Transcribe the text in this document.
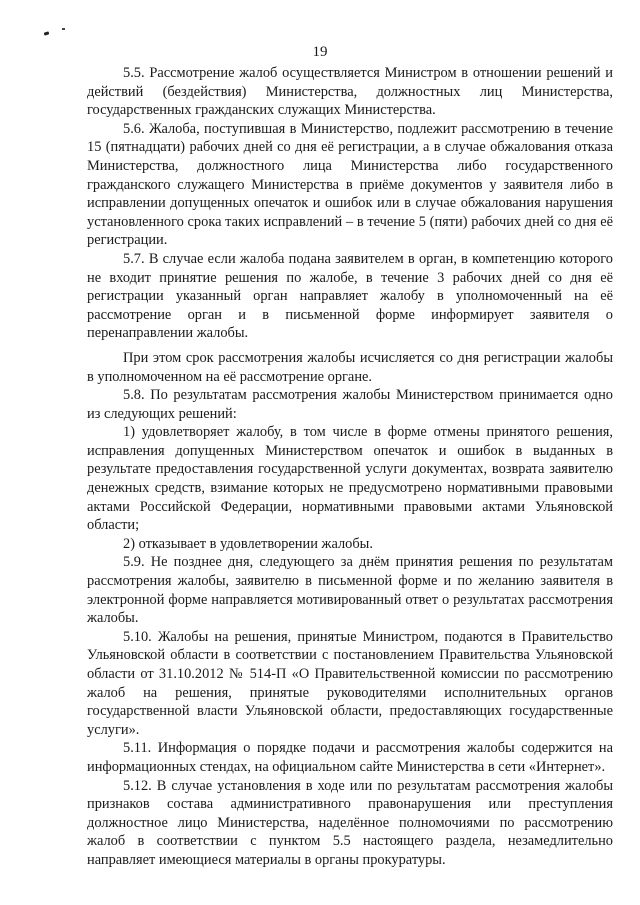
19

5.5. Рассмотрение жалоб осуществляется Министром в отношении решений и действий (бездействия) Министерства, должностных лиц Министерства, государственных гражданских служащих Министерства.

5.6. Жалоба, поступившая в Министерство, подлежит рассмотрению в течение 15 (пятнадцати) рабочих дней со дня её регистрации, а в случае обжалования отказа Министерства, должностного лица Министерства либо государственного гражданского служащего Министерства в приёме документов у заявителя либо в исправлении допущенных опечаток и ошибок или в случае обжалования нарушения установленного срока таких исправлений – в течение 5 (пяти) рабочих дней со дня её регистрации.

5.7. В случае если жалоба подана заявителем в орган, в компетенцию которого не входит принятие решения по жалобе, в течение 3 рабочих дней со дня её регистрации указанный орган направляет жалобу в уполномоченный на её рассмотрение орган и в письменной форме информирует заявителя о перенаправлении жалобы.

При этом срок рассмотрения жалобы исчисляется со дня регистрации жалобы в уполномоченном на её рассмотрение органе.

5.8. По результатам рассмотрения жалобы Министерством принимается одно из следующих решений:

1) удовлетворяет жалобу, в том числе в форме отмены принятого решения, исправления допущенных Министерством опечаток и ошибок в выданных в результате предоставления государственной услуги документах, возврата заявителю денежных средств, взимание которых не предусмотрено нормативными правовыми актами Российской Федерации, нормативными правовыми актами Ульяновской области;

2) отказывает в удовлетворении жалобы.

5.9. Не позднее дня, следующего за днём принятия решения по результатам рассмотрения жалобы, заявителю в письменной форме и по желанию заявителя в электронной форме направляется мотивированный ответ о результатах рассмотрения жалобы.

5.10. Жалобы на решения, принятые Министром, подаются в Правительство Ульяновской области в соответствии с постановлением Правительства Ульяновской области от 31.10.2012 № 514-П «О Правительственной комиссии по рассмотрению жалоб на решения, принятые руководителями исполнительных органов государственной власти Ульяновской области, предоставляющих государственные услуги».

5.11. Информация о порядке подачи и рассмотрения жалобы содержится на информационных стендах, на официальном сайте Министерства в сети «Интернет».

5.12. В случае установления в ходе или по результатам рассмотрения жалобы признаков состава административного правонарушения или преступления должностное лицо Министерства, наделённое полномочиями по рассмотрению жалоб в соответствии с пунктом 5.5 настоящего раздела, незамедлительно направляет имеющиеся материалы в органы прокуратуры.
